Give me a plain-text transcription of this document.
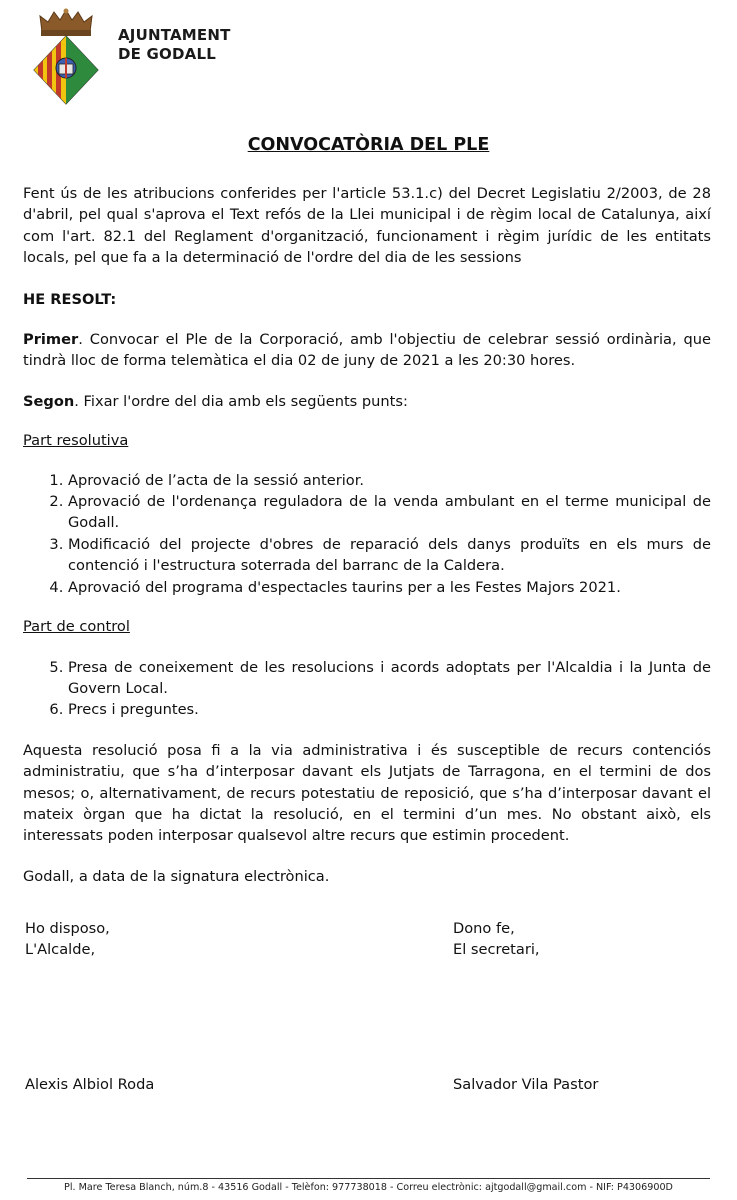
AJUNTAMENT
DE GODALL
CONVOCATÒRIA DEL PLE

Fent ús de les atribucions conferides per l'article 53.1.c) del Decret Legislatiu 2/2003, de 28 d'abril, pel qual s'aprova el Text refós de la Llei municipal i de règim local de Catalunya, així com l'art. 82.1 del Reglament d'organització, funcionament i règim jurídic de les entitats locals, pel que fa a la determinació de l'ordre del dia de les sessions

HE RESOLT:

Primer. Convocar el Ple de la Corporació, amb l'objectiu de celebrar sessió ordinària, que tindrà lloc de forma telemàtica el dia 02 de juny de 2021 a les 20:30 hores.

Segon. Fixar l'ordre del dia amb els següents punts:

Part resolutiva

1. Aprovació de l’acta de la sessió anterior.
2. Aprovació de l'ordenança reguladora de la venda ambulant en el terme municipal de Godall.
3. Modificació del projecte d'obres de reparació dels danys produïts en els murs de contenció i l'estructura soterrada del barranc de la Caldera.
4. Aprovació del programa d'espectacles taurins per a les Festes Majors 2021.

Part de control

5. Presa de coneixement de les resolucions i acords adoptats per l'Alcaldia i la Junta de Govern Local.
6. Precs i preguntes.

Aquesta resolució posa fi a la via administrativa i és susceptible de recurs contenciós administratiu, que s’ha d’interposar davant els Jutjats de Tarragona, en el termini de dos mesos; o, alternativament, de recurs potestatiu de reposició, que s’ha d’interposar davant el mateix òrgan que ha dictat la resolució, en el termini d’un mes. No obstant això, els interessats poden interposar qualsevol altre recurs que estimin procedent.

Godall, a data de la signatura electrònica.

Ho disposo,
L'Alcalde,
Dono fe,
El secretari,
Alexis Albiol Roda	Salvador Vila Pastor
Pl. Mare Teresa Blanch, núm.8 - 43516 Godall - Telèfon: 977738018 - Correu electrònic: ajtgodall@gmail.com - NIF: P4306900D
